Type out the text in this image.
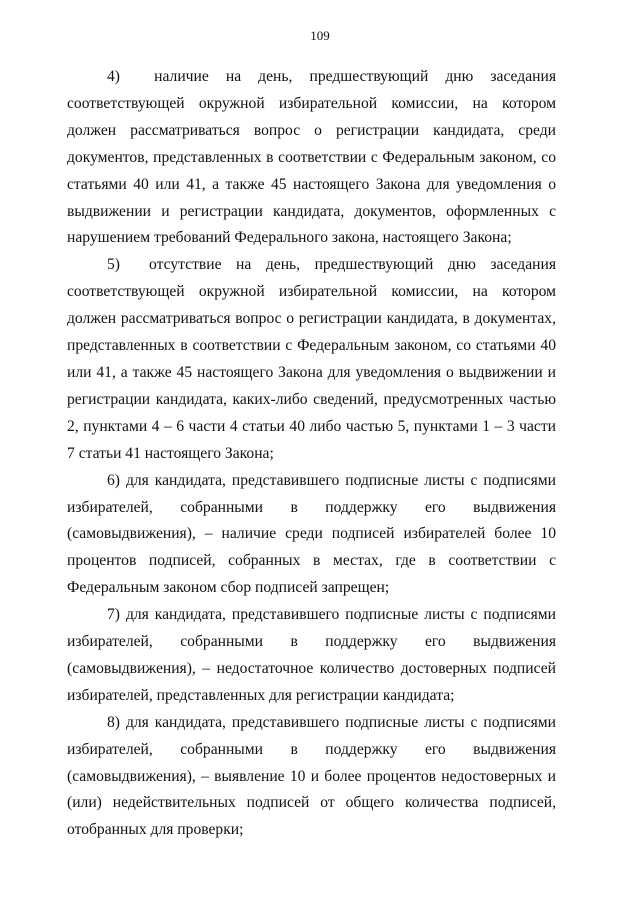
109

4)  наличие на день, предшествующий дню заседания соответствующей окружной избирательной комиссии, на котором должен рассматриваться вопрос о регистрации кандидата, среди документов, представленных в соответствии с Федеральным законом, со статьями 40 или 41, а также 45 настоящего Закона для уведомления о выдвижении и регистрации кандидата, документов, оформленных с нарушением требований Федерального закона, настоящего Закона;

5)  отсутствие на день, предшествующий дню заседания соответствующей окружной избирательной комиссии, на котором должен рассматриваться вопрос о регистрации кандидата, в документах, представленных в соответствии с Федеральным законом, со статьями 40 или 41, а также 45 настоящего Закона для уведомления о выдвижении и регистрации кандидата, каких-либо сведений, предусмотренных частью 2, пунктами 4 – 6 части 4 статьи 40 либо частью 5, пунктами 1 – 3 части 7 статьи 41 настоящего Закона;

6) для кандидата, представившего подписные листы с подписями избирателей, собранными в поддержку его выдвижения (самовыдвижения), – наличие среди подписей избирателей более 10 процентов подписей, собранных в местах, где в соответствии с Федеральным законом сбор подписей запрещен;

7) для кандидата, представившего подписные листы с подписями избирателей, собранными в поддержку его выдвижения (самовыдвижения), – недостаточное количество достоверных подписей избирателей, представленных для регистрации кандидата;

8) для кандидата, представившего подписные листы с подписями избирателей, собранными в поддержку его выдвижения (самовыдвижения), – выявление 10 и более процентов недостоверных и (или) недействительных подписей от общего количества подписей, отобранных для проверки;
